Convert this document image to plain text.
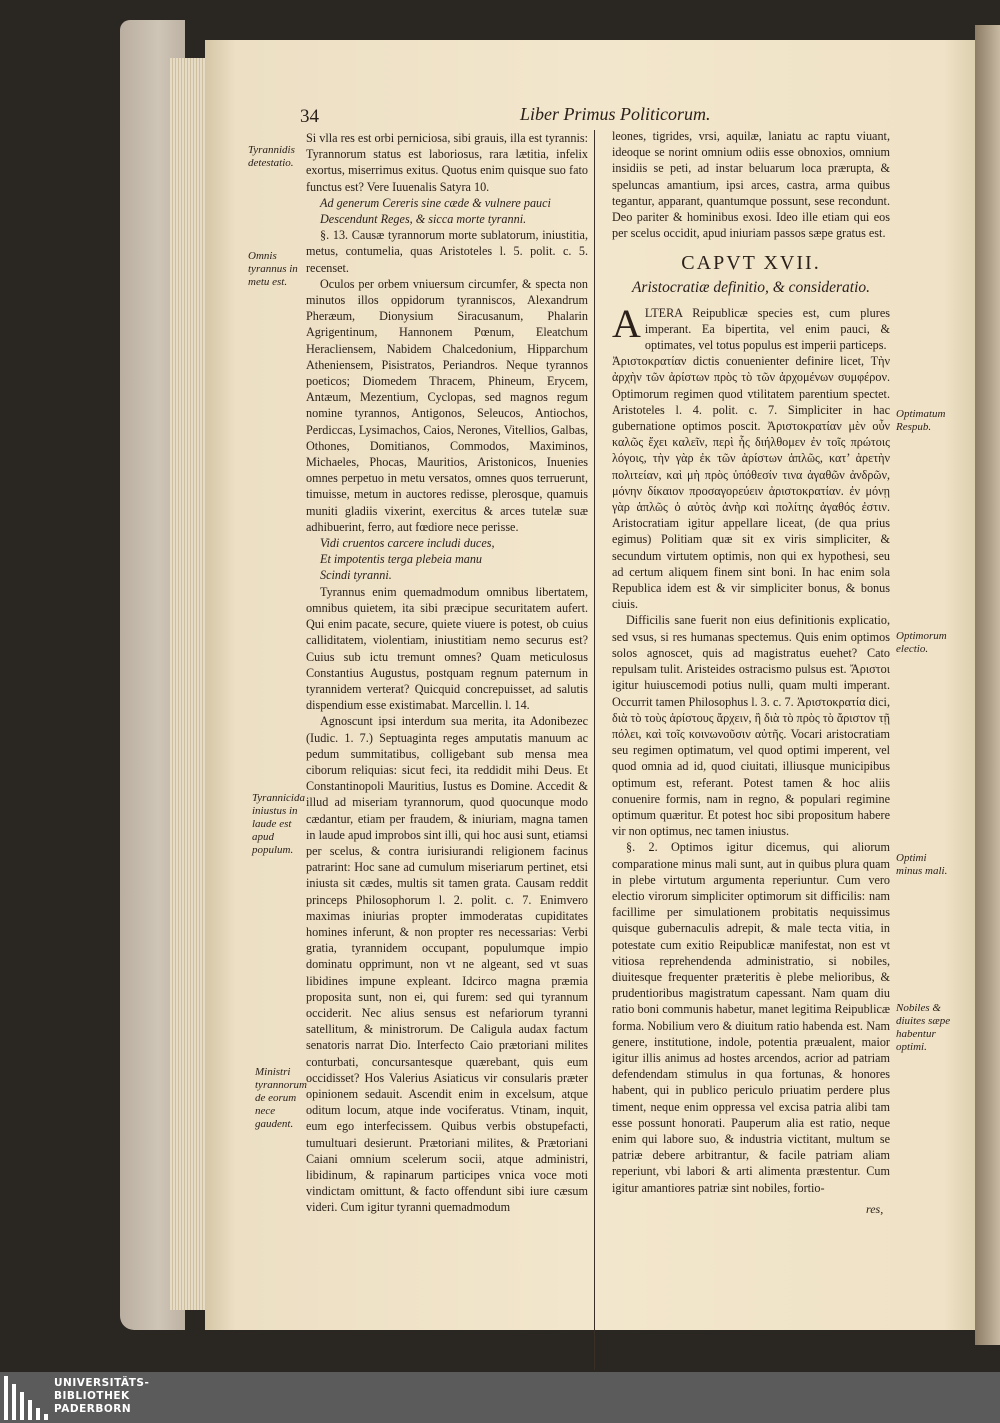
34	Liber Primus Politicorum.
Tyrannidis detestatio.
Omnis tyrannus in metu est.
Tyrannicida iniustus in laude est apud populum.
Ministri tyrannorum de eorum nece gaudent.
Optimatum Respub.
Optimorum electio.
Optimi minus mali.
Nobiles & diuites sæpe habentur optimi.

Si vlla res est orbi perniciosa, sibi grauis, illa est tyrannis: Tyrannorum status est laboriosus, rara lætitia, infelix exortus, miserrimus exitus. Quotus enim quisque suo fato functus est? Vere Iuuenalis Satyra 10.

Ad generum Cereris sine cæde & vulnere pauci

Descendunt Reges, & sicca morte tyranni.

§. 13. Causæ tyrannorum morte sublatorum, iniustitia, metus, contumelia, quas Aristoteles l. 5. polit. c. 5. recenset.

Oculos per orbem vniuersum circumfer, & specta non minutos illos oppidorum tyranniscos, Alexandrum Pheræum, Dionysium Siracusanum, Phalarin Agrigentinum, Hannonem Pœnum, Eleatchum Heracliensem, Nabidem Chalcedonium, Hipparchum Atheniensem, Pisistratos, Periandros. Neque tyrannos poeticos; Diomedem Thracem, Phineum, Erycem, Antæum, Mezentium, Cyclopas, sed magnos regum nomine tyrannos, Antigonos, Seleucos, Antiochos, Perdiccas, Lysimachos, Caios, Nerones, Vitellios, Galbas, Othones, Domitianos, Commodos, Maximinos, Michaeles, Phocas, Mauritios, Aristonicos, Inuenies omnes perpetuo in metu versatos, omnes quos terruerunt, timuisse, metum in auctores redisse, plerosque, quamuis muniti gladiis vixerint, exercitus & arces tutelæ suæ adhibuerint, ferro, aut fœdiore nece perisse.

Vidi cruentos carcere includi duces,

Et impotentis terga plebeia manu

Scindi tyranni.

Tyrannus enim quemadmodum omnibus libertatem, omnibus quietem, ita sibi præcipue securitatem aufert. Qui enim pacate, secure, quiete viuere is potest, ob cuius calliditatem, violentiam, iniustitiam nemo securus est? Cuius sub ictu tremunt omnes? Quam meticulosus Constantius Augustus, postquam regnum paternum in tyrannidem verterat? Quicquid concrepuisset, ad salutis dispendium esse existimabat. Marcellin. l. 14.

Agnoscunt ipsi interdum sua merita, ita Adonibezec (Iudic. 1. 7.) Septuaginta reges amputatis manuum ac pedum summitatibus, colligebant sub mensa mea ciborum reliquias: sicut feci, ita reddidit mihi Deus. Et Constantinopoli Mauritius, Iustus es Domine. Accedit & illud ad miseriam tyrannorum, quod quocunque modo cædantur, etiam per fraudem, & iniuriam, magna tamen in laude apud improbos sint illi, qui hoc ausi sunt, etiamsi per scelus, & contra iurisiurandi religionem facinus patrarint: Hoc sane ad cumulum miseriarum pertinet, etsi iniusta sit cædes, multis sit tamen grata. Causam reddit princeps Philosophorum l. 2. polit. c. 7. Enimvero maximas iniurias propter immoderatas cupiditates homines inferunt, & non propter res necessarias: Verbi gratia, tyrannidem occupant, populumque impio dominatu opprimunt, non vt ne algeant, sed vt suas libidines impune expleant. Idcirco magna præmia proposita sunt, non ei, qui furem: sed qui tyrannum occiderit. Nec alius sensus est nefariorum tyranni satellitum, & ministrorum. De Caligula audax factum senatoris narrat Dio. Interfecto Caio prætoriani milites conturbati, concursantesque quærebant, quis eum occidisset? Hos Valerius Asiaticus vir consularis præter opinionem sedauit. Ascendit enim in excelsum, atque oditum locum, atque inde vociferatus. Vtinam, inquit, eum ego interfecissem. Quibus verbis obstupefacti, tumultuari desierunt. Prætoriani milites, & Prætoriani Caiani omnium scelerum socii, atque administri, libidinum, & rapinarum participes vnica voce moti vindictam omittunt, & facto offendunt sibi iure cæsum videri. Cum igitur tyranni quemadmodum

leones, tigrides, vrsi, aquilæ, laniatu ac raptu viuant, ideoque se norint omnium odiis esse obnoxios, omnium insidiis se peti, ad instar beluarum loca prærupta, & speluncas amantium, ipsi arces, castra, arma quibus tegantur, apparant, quantumque possunt, sese recondunt. Deo pariter & hominibus exosi. Ideo ille etiam qui eos per scelus occidit, apud iniuriam passos sæpe gratus est.

CAPVT XVII.
Aristocratiæ definitio, & consideratio.

ALTERA Reipublicæ species est, cum plures imperant. Ea bipertita, vel enim pauci, & optimates, vel totus populus est imperii particeps.

Ἀριστοκρατίαν dictis conuenienter definire licet, Τὴν ἀρχὴν τῶν ἀρίστων πρὸς τὸ τῶν ἀρχομένων συμφέρον. Optimorum regimen quod vtilitatem parentium spectet. Aristoteles l. 4. polit. c. 7. Simpliciter in hac gubernatione optimos poscit. Ἀριστοκρατίαν μὲν οὖν καλῶς ἔχει καλεῖν, περὶ ἧς διήλθομεν ἐν τοῖς πρώτοις λόγοις, τὴν γὰρ ἐκ τῶν ἀρίστων ἁπλῶς, κατ’ ἀρετὴν πολιτείαν, καὶ μὴ πρὸς ὑπόθεσίν τινα ἀγαθῶν ἀνδρῶν, μόνην δίκαιον προσαγορεύειν ἀριστοκρατίαν. ἐν μόνῃ γὰρ ἁπλῶς ὁ αὐτὸς ἀνὴρ καὶ πολίτης ἀγαθός ἐστιν. Aristocratiam igitur appellare liceat, (de qua prius egimus) Politiam quæ sit ex viris simpliciter, & secundum virtutem optimis, non qui ex hypothesi, seu ad certum aliquem finem sint boni. In hac enim sola Republica idem est & vir simpliciter bonus, & bonus ciuis.

Difficilis sane fuerit non eius definitionis explicatio, sed vsus, si res humanas spectemus. Quis enim optimos solos agnoscet, quis ad magistratus euehet? Cato repulsam tulit. Aristeides ostracismo pulsus est. Ἄριστοι igitur huiuscemodi potius nulli, quam multi imperant. Occurrit tamen Philosophus l. 3. c. 7. Ἀριστοκρατία dici, διὰ τὸ τοὺς ἀρίστους ἄρχειν, ἢ διὰ τὸ πρὸς τὸ ἄριστον τῇ πόλει, καὶ τοῖς κοινωνοῦσιν αὐτῆς. Vocari aristocratiam seu regimen optimatum, vel quod optimi imperent, vel quod omnia ad id, quod ciuitati, illiusque municipibus optimum est, referant. Potest tamen & hoc aliis conuenire formis, nam in regno, & populari regimine optimum quæritur. Et potest hoc sibi propositum habere vir non optimus, nec tamen iniustus.

§. 2. Optimos igitur dicemus, qui aliorum comparatione minus mali sunt, aut in quibus plura quam in plebe virtutum argumenta reperiuntur. Cum vero electio virorum simpliciter optimorum sit difficilis: nam facillime per simulationem probitatis nequissimus quisque gubernaculis adrepit, & male tecta vitia, in potestate cum exitio Reipublicæ manifestat, non est vt vitiosa reprehendenda administratio, si nobiles, diuitesque frequenter præteritis è plebe melioribus, & prudentioribus magistratum capessant. Nam quam diu ratio boni communis habetur, manet legitima Reipublicæ forma. Nobilium vero & diuitum ratio habenda est. Nam genere, institutione, indole, potentia præualent, maior igitur illis animus ad hostes arcendos, acrior ad patriam defendendam stimulus in qua fortunas, & honores habent, qui in publico periculo priuatim perdere plus timent, neque enim oppressa vel excisa patria alibi tam esse possunt honorati. Pauperum alia est ratio, neque enim qui labore suo, & industria victitant, multum se patriæ debere arbitrantur, & facile patriam aliam reperiunt, vbi labori & arti alimenta præstentur. Cum igitur amantiores patriæ sint nobiles, fortio-

res,
UNIVERSITÄTS-
BIBLIOTHEK
PADERBORN
